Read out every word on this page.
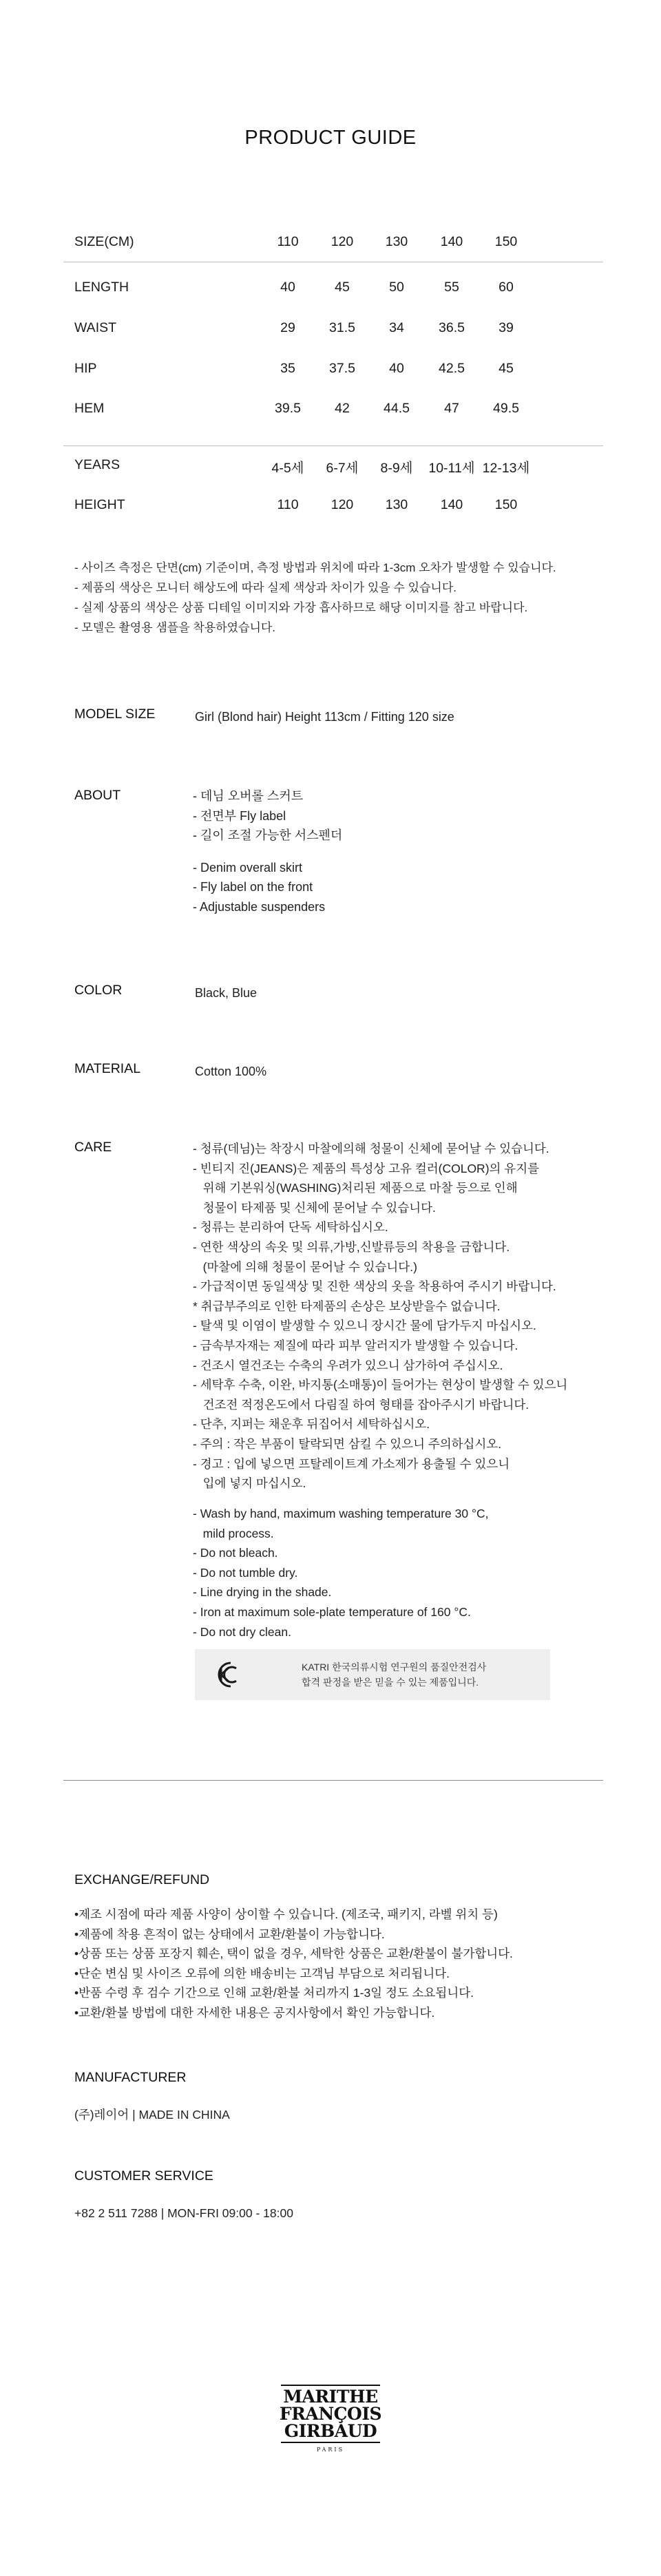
PRODUCT GUIDE
SIZE(CM)	110	120	130	140	150
LENGTH	40	45	50	55	60
WAIST	29	31.5	34	36.5	39
HIP	35	37.5	40	42.5	45
HEM	39.5	42	44.5	47	49.5
YEARS	4-5세	6-7세	8-9세	10-11세 12-13세
HEIGHT	110	120	130	140	150
- 사이즈 측정은 단면(cm) 기준이며, 측정 방법과 위치에 따라 1-3cm 오차가 발생할 수 있습니다.
- 제품의 색상은 모니터 해상도에 따라 실제 색상과 차이가 있을 수 있습니다.
- 실제 상품의 색상은 상품 디테일 이미지와 가장 흡사하므로 해당 이미지를 참고 바랍니다.
- 모델은 촬영용 샘플을 착용하였습니다.
MODEL SIZE	Girl (Blond hair) Height 113cm / Fitting 120 size
ABOUT	- 데님 오버롤 스커트
- 전면부 Fly label
- 길이 조절 가능한 서스펜더
- Denim overall skirt
- Fly label on the front
- Adjustable suspenders
COLOR	Black, Blue
MATERIAL	Cotton 100%
CARE	- 청류(데님)는 착장시 마찰에의해 청물이 신체에 묻어날 수 있습니다.
- 빈티지 진(JEANS)은 제품의 특성상 고유 컬러(COLOR)의 유지를
위해 기본워싱(WASHING)처리된 제품으로 마찰 등으로 인해
청물이 타제품 및 신체에 묻어날 수 있습니다.
- 청류는 분리하여 단독 세탁하십시오.
- 연한 색상의 속옷 및 의류,가방,신발류등의 착용을 금합니다.
(마찰에 의해 청물이 묻어날 수 있습니다.)
- 가급적이면 동일색상 및 진한 색상의 옷을 착용하여 주시기 바랍니다.
* 취급부주의로 인한 타제품의 손상은 보상받을수 없습니다.
- 탈색 및 이염이 발생할 수 있으니 장시간 물에 담가두지 마십시오.
- 금속부자재는 제질에 따라 피부 알러지가 발생할 수 있습니다.
- 건조시 열건조는 수축의 우려가 있으니 삼가하여 주십시오.
- 세탁후 수축, 이완, 바지통(소매통)이 들어가는 현상이 발생할 수 있으니
건조전 적정온도에서 다림질 하여 형태를 잡아주시기 바랍니다.
- 단추, 지퍼는 채운후 뒤집어서 세탁하십시오.
- 주의 : 작은 부품이 탈락되면 삼킬 수 있으니 주의하십시오.
- 경고 : 입에 넣으면 프탈레이트계 가소제가 용출될 수 있으니
입에 넣지 마십시오.
- Wash by hand, maximum washing temperature 30 °C,
mild process.
- Do not bleach.
- Do not tumble dry.
- Line drying in the shade.
- Iron at maximum sole-plate temperature of 160 °C.
- Do not dry clean.
KATRI 한국의류시험 연구원의 품질안전검사
합격 판정을 받은 믿을 수 있는 제품입니다.
EXCHANGE/REFUND
•제조 시점에 따라 제품 사양이 상이할 수 있습니다. (제조국, 패키지, 라벨 위치 등)
•제품에 착용 흔적이 없는 상태에서 교환/환불이 가능합니다.
•상품 또는 상품 포장지 훼손, 택이 없을 경우, 세탁한 상품은 교환/환불이 불가합니다.
•단순 변심 및 사이즈 오류에 의한 배송비는 고객님 부담으로 처리됩니다.
•반품 수령 후 검수 기간으로 인해 교환/환불 처리까지 1-3일 정도 소요됩니다.
•교환/환불 방법에 대한 자세한 내용은 공지사항에서 확인 가능합니다.
MANUFACTURER
(주)레이어 | MADE IN CHINA
CUSTOMER SERVICE
+82 2 511 7288 | MON-FRI 09:00 - 18:00
MARITHE
FRANÇOIS
GIRBAUD
PARIS
